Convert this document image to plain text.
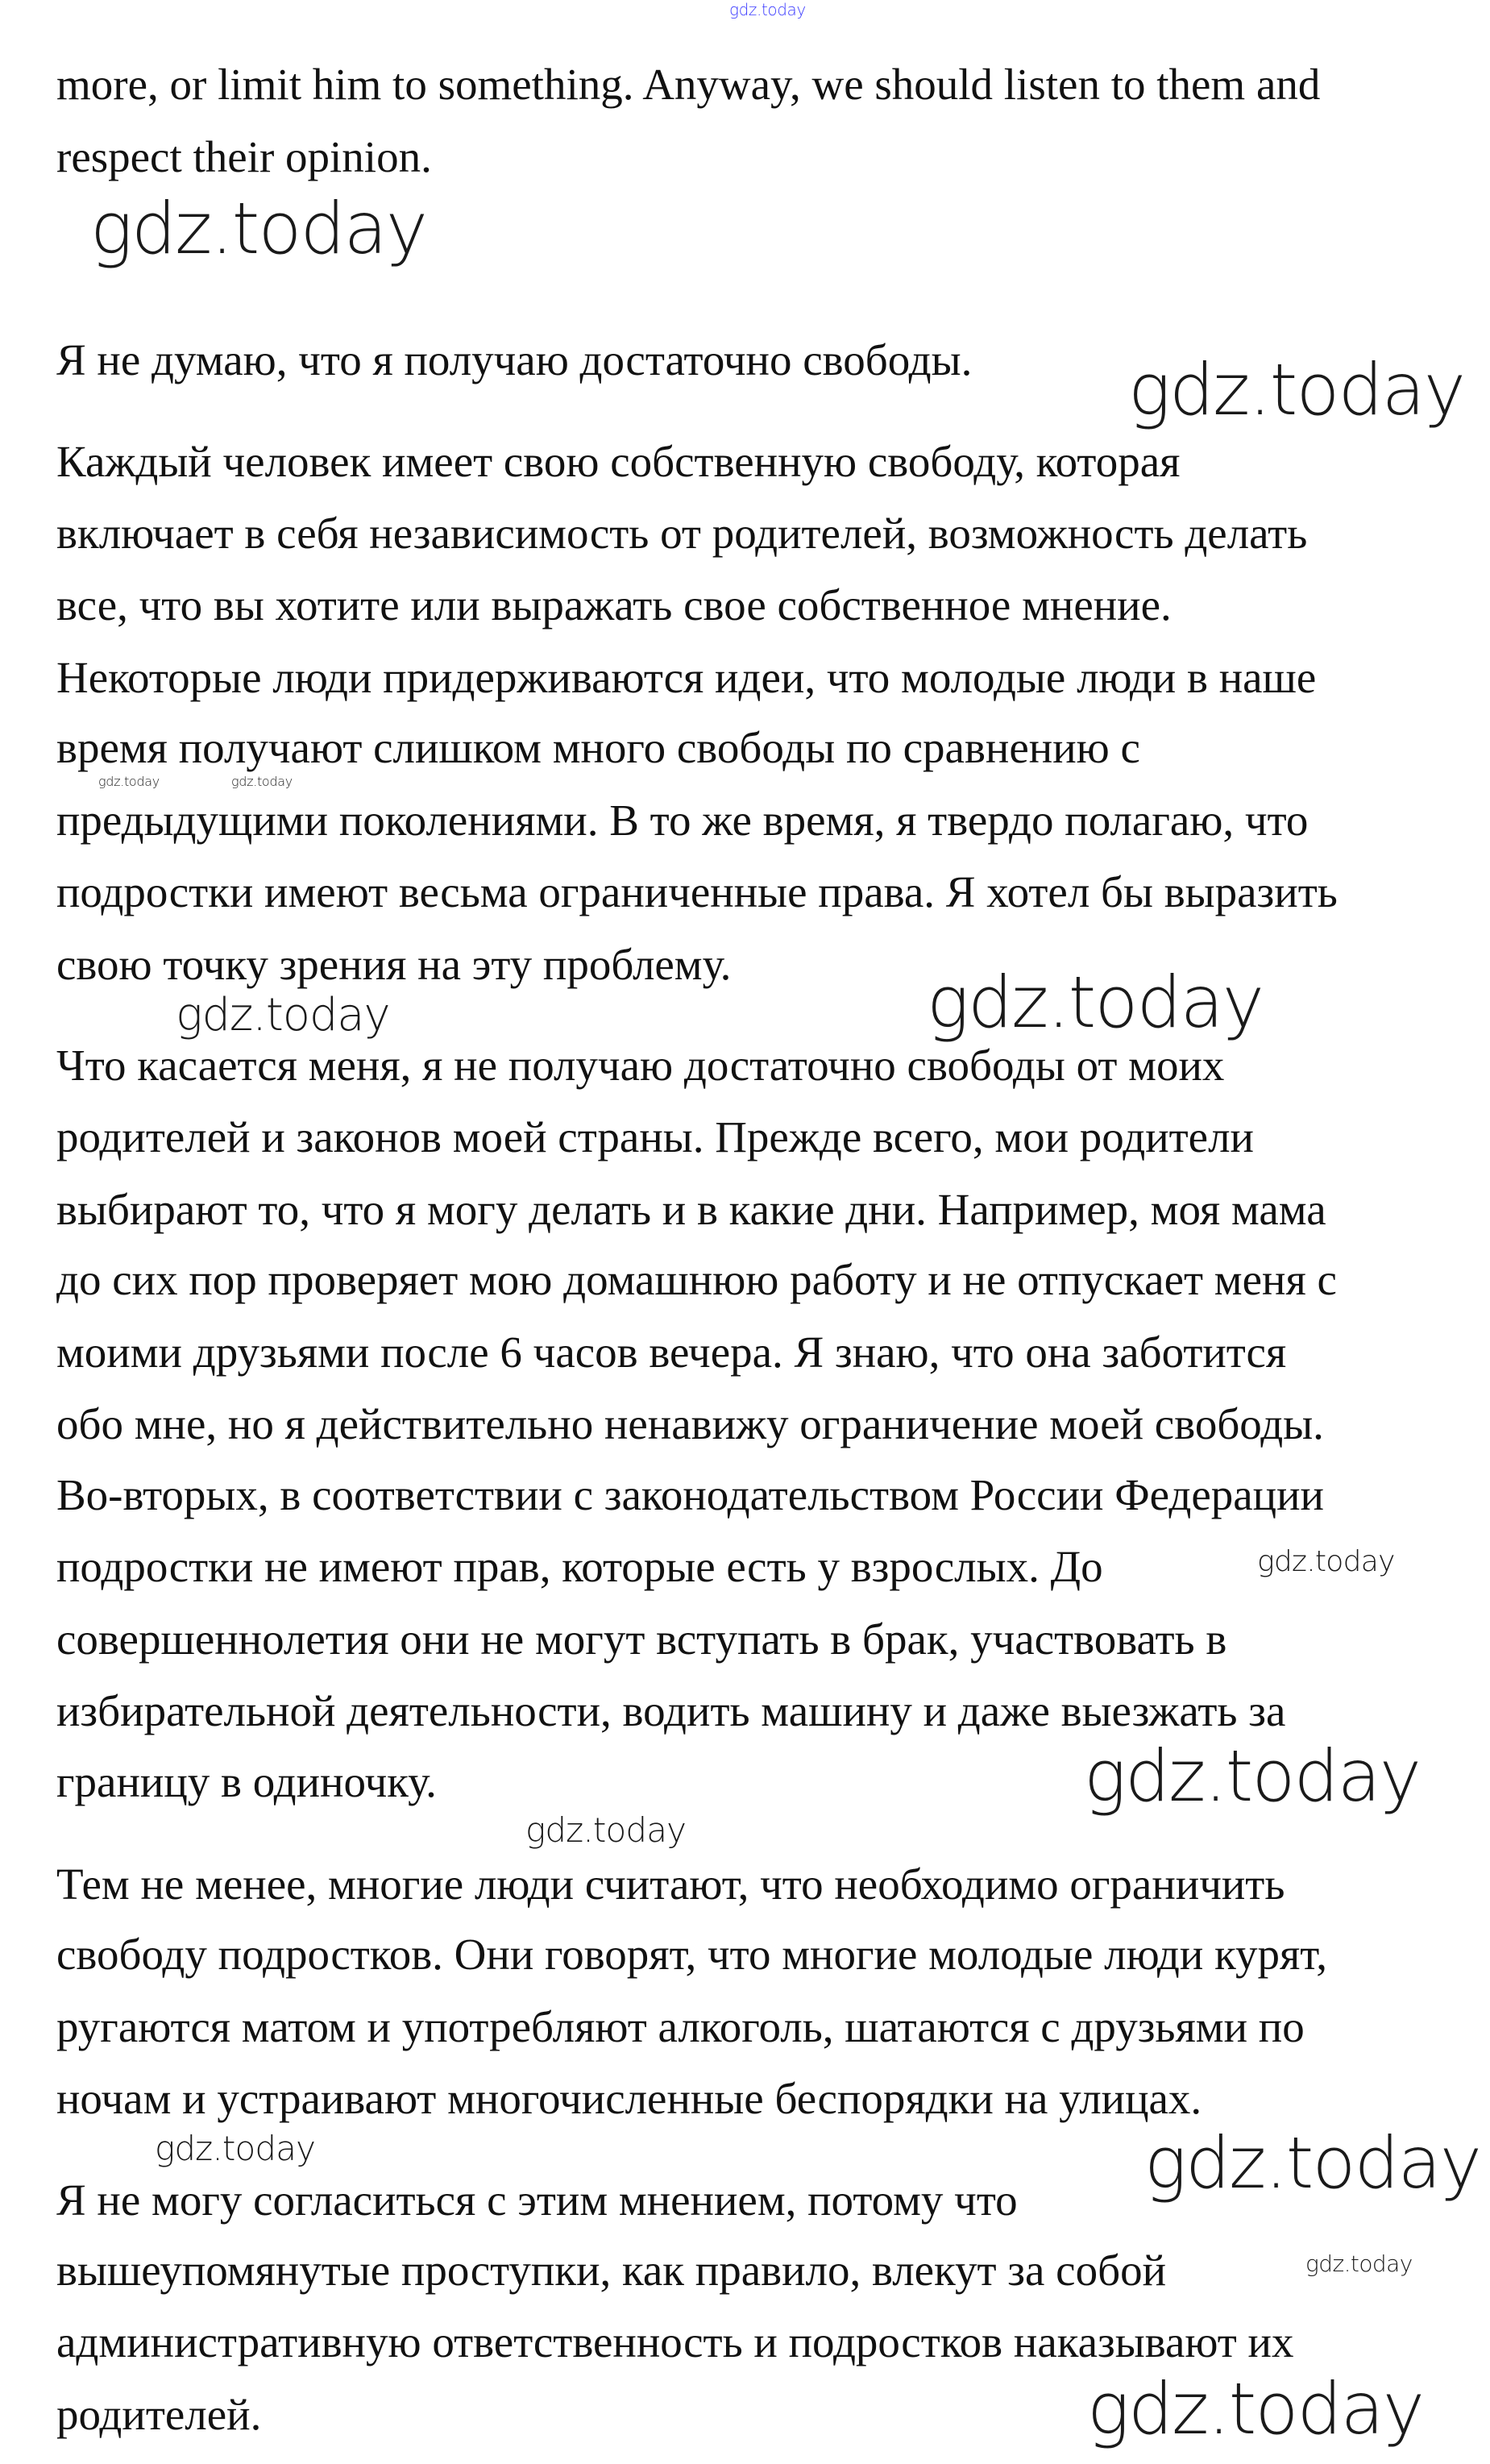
more, or limit him to something. Anyway, we should listen to them and
respect their opinion.
Я не думаю, что я получаю достаточно свободы.
Каждый человек имеет свою собственную свободу, которая
включает в себя независимость от родителей, возможность делать
все, что вы хотите или выражать свое собственное мнение.
Некоторые люди придерживаются идеи, что молодые люди в наше
время получают слишком много свободы по сравнению с
предыдущими поколениями. В то же время, я твердо полагаю, что
подростки имеют весьма ограниченные права. Я хотел бы выразить
свою точку зрения на эту проблему.
Что касается меня, я не получаю достаточно свободы от моих
родителей и законов моей страны. Прежде всего, мои родители
выбирают то, что я могу делать и в какие дни. Например, моя мама
до сих пор проверяет мою домашнюю работу и не отпускает меня с
моими друзьями после 6 часов вечера. Я знаю, что она заботится
обо мне, но я действительно ненавижу ограничение моей свободы.
Во-вторых, в соответствии с законодательством России Федерации
подростки не имеют прав, которые есть у взрослых. До
совершеннолетия они не могут вступать в брак, участвовать в
избирательной деятельности, водить машину и даже выезжать за
границу в одиночку.
Тем не менее, многие люди считают, что необходимо ограничить
свободу подростков. Они говорят, что многие молодые люди курят,
ругаются матом и употребляют алкоголь, шатаются с друзьями по
ночам и устраивают многочисленные беспорядки на улицах.
Я не могу согласиться с этим мнением, потому что
вышеупомянутые проступки, как правило, влекут за собой
административную ответственность и подростков наказывают их
родителей.
gdz.today
gdz.today
gdz.today
gdz.today	gdz.today
gdz.today	gdz.today
gdz.today
gdz.today
gdz.today
gdz.today
gdz.today
gdz.today
gdz.today
